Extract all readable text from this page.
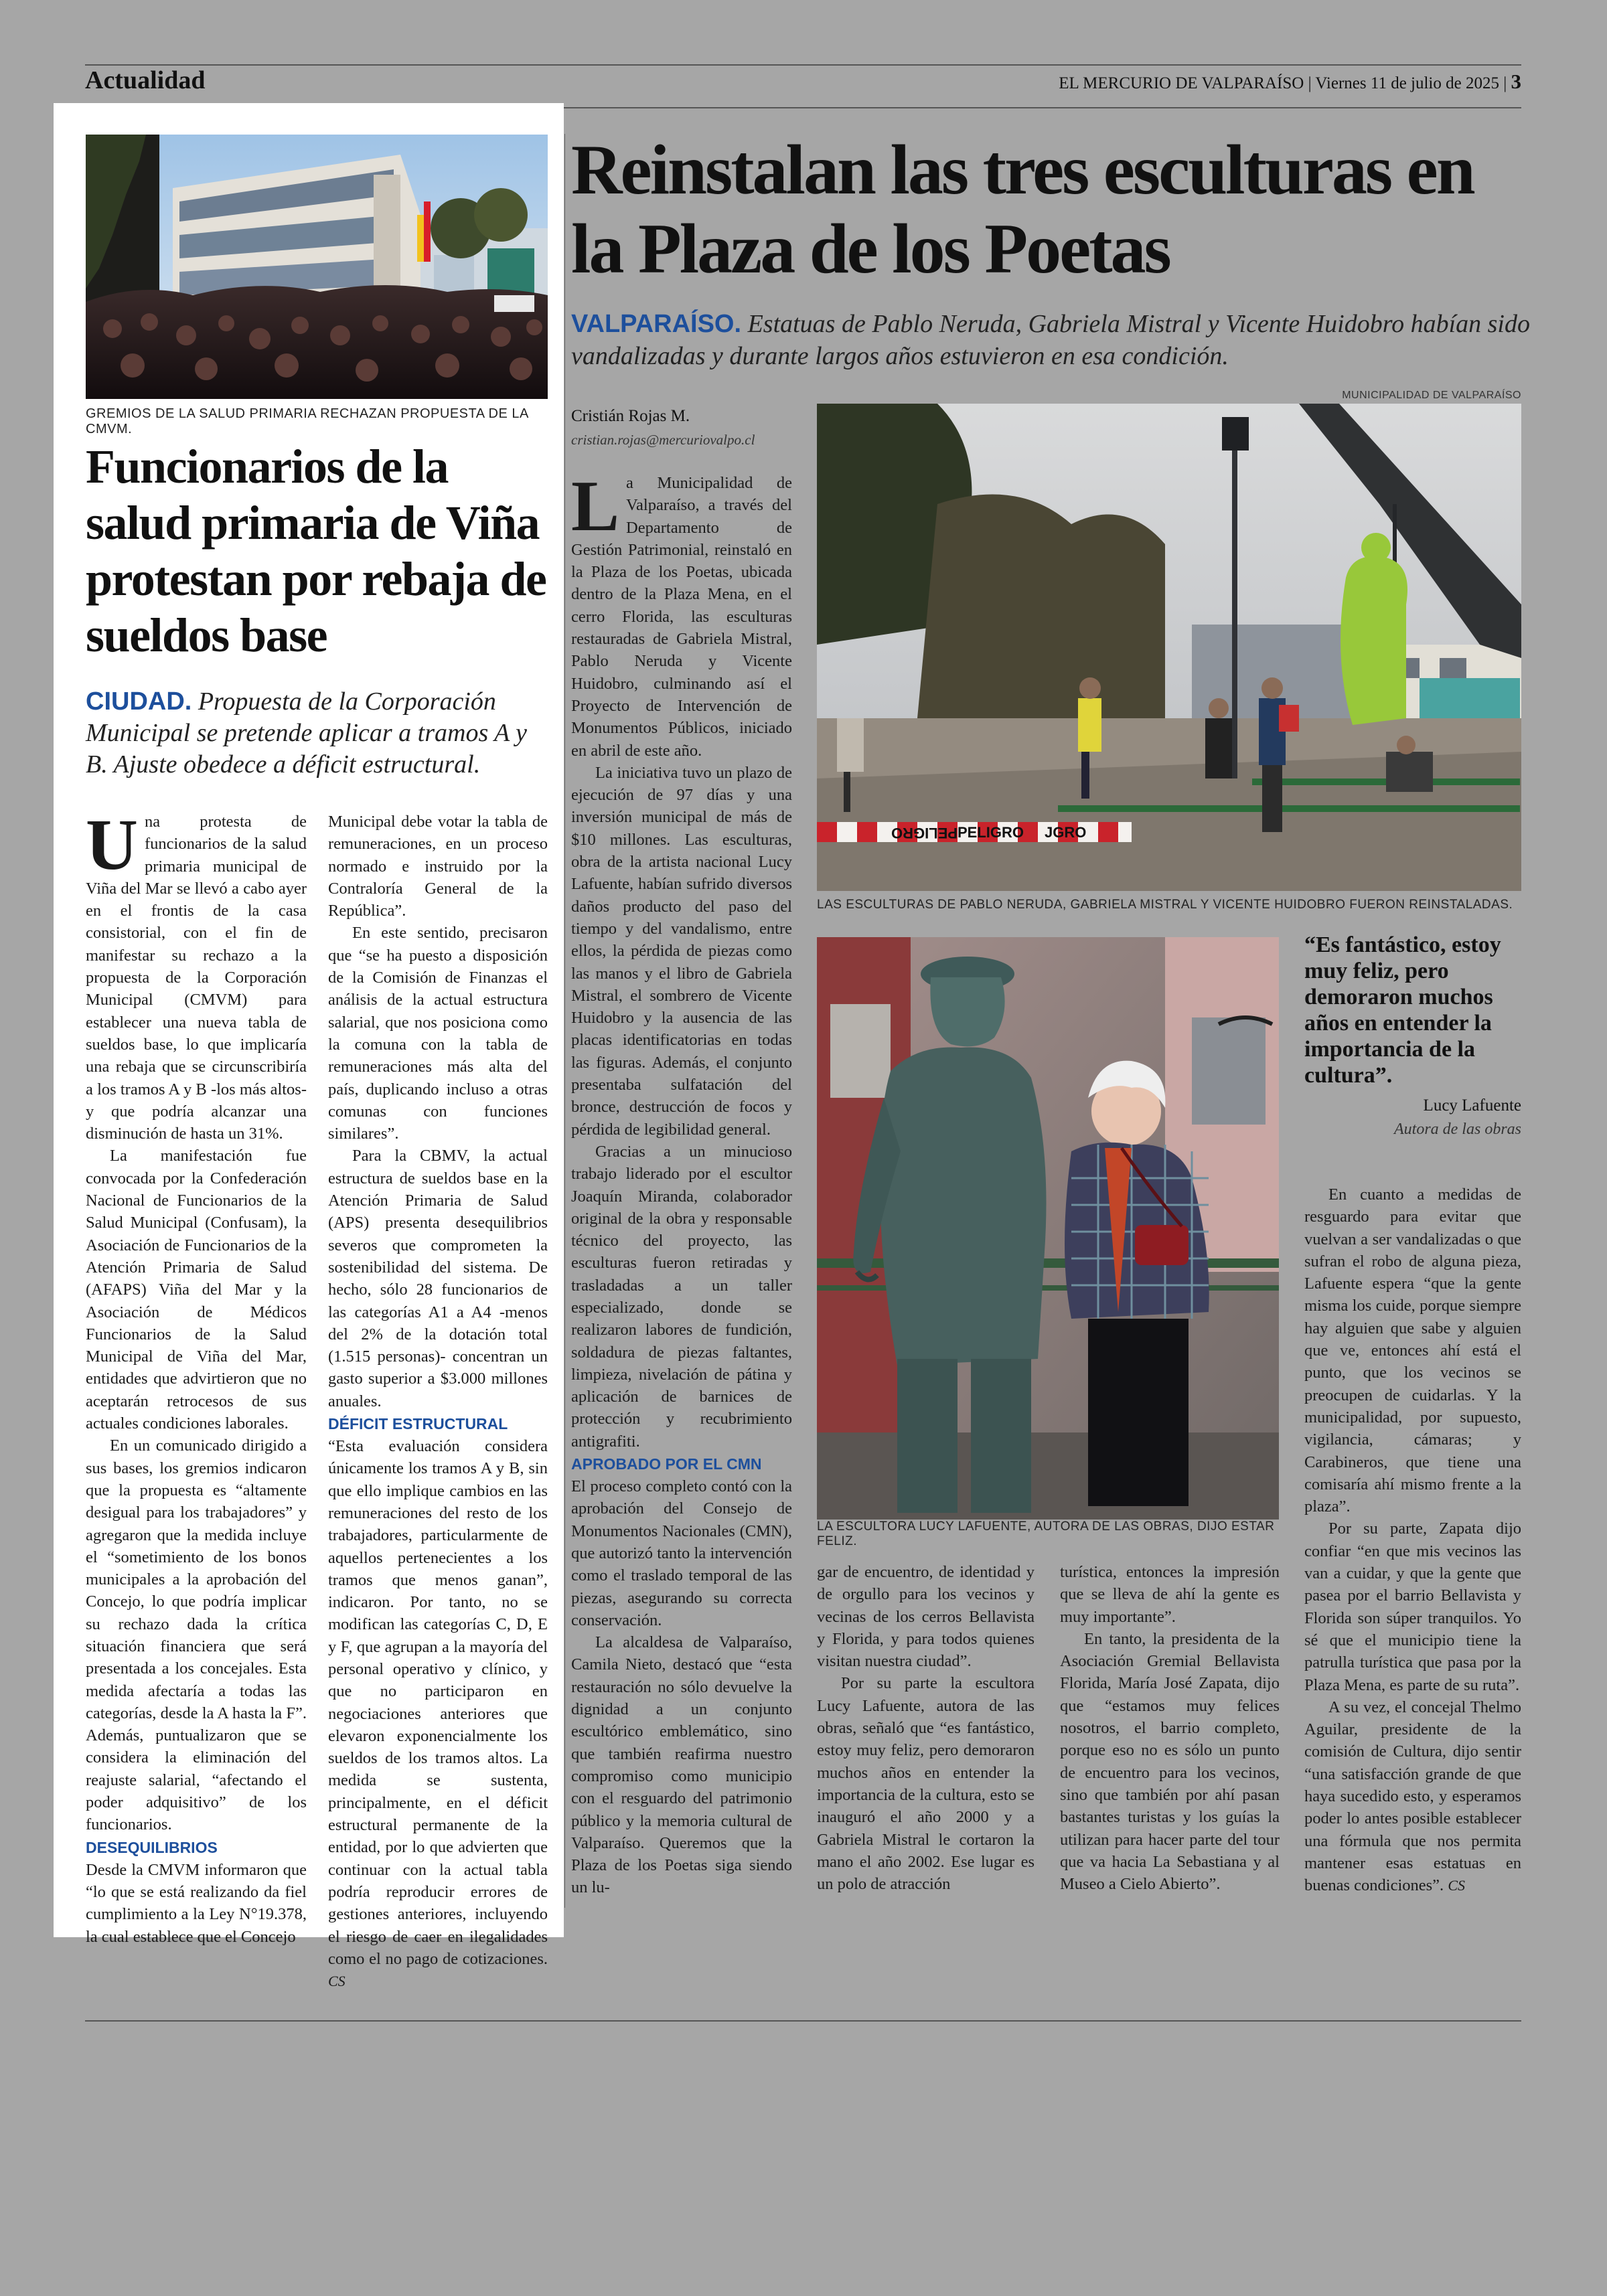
Actualidad	EL MERCURIO DE VALPARAÍSO | Viernes 11 de julio de 2025 | 3
GREMIOS DE LA SALUD PRIMARIA RECHAZAN PROPUESTA DE LA CMVM.
Funcionarios de la salud primaria de Viña protestan por rebaja de sueldos base
CIUDAD. Propuesta de la Corporación Municipal se pretende aplicar a tramos A y B. Ajuste obedece a déficit estructural.

Una protesta de funcionarios de la salud primaria municipal de Viña del Mar se llevó a cabo ayer en el frontis de la casa consistorial, con el fin de manifestar su rechazo a la propuesta de la Corporación Municipal (CMVM) para establecer una nueva tabla de sueldos base, lo que implicaría una rebaja que se circunscribiría a los tramos A y B -los más altos- y que podría alcanzar una disminución de hasta un 31%.

La manifestación fue convocada por la Confederación Nacional de Funcionarios de la Salud Municipal (Confusam), la Asociación de Funcionarios de la Atención Primaria de Salud (AFAPS) Viña del Mar y la Asociación de Médicos Funcionarios de la Salud Municipal de Viña del Mar, entidades que advirtieron que no aceptarán retrocesos de sus actuales condiciones laborales.

En un comunicado dirigido a sus bases, los gremios indicaron que la propuesta es “altamente desigual para los trabajadores” y agregaron que la medida incluye el “sometimiento de los bonos municipales a la aprobación del Concejo, lo que podría implicar su rechazo dada la crítica situación financiera que será presentada a los concejales. Esta medida afectaría a todas las categorías, desde la A hasta la F”. Además, puntualizaron que se considera la eliminación del reajuste salarial, “afectando el poder adquisitivo” de los funcionarios.

DESEQUILIBRIOS

Desde la CMVM informaron que “lo que se está realizando da fiel cumplimiento a la Ley N°19.378, la cual establece que el Concejo

Municipal debe votar la tabla de remuneraciones, en un proceso normado e instruido por la Contraloría General de la República”.

En este sentido, precisaron que “se ha puesto a disposición de la Comisión de Finanzas el análisis de la actual estructura salarial, que nos posiciona como la comuna con la tabla de remuneraciones más alta del país, duplicando incluso a otras comunas con funciones similares”.

Para la CBMV, la actual estructura de sueldos base en la Atención Primaria de Salud (APS) presenta desequilibrios severos que comprometen la sostenibilidad del sistema. De hecho, sólo 28 funcionarios de las categorías A1 a A4 -menos del 2% de la dotación total (1.515 personas)- concentran un gasto superior a $3.000 millones anuales.

DÉFICIT ESTRUCTURAL

“Esta evaluación considera únicamente los tramos A y B, sin que ello implique cambios en las remuneraciones del resto de los trabajadores, particularmente de aquellos pertenecientes a los tramos que menos ganan”, indicaron. Por tanto, no se modifican las categorías C, D, E y F, que agrupan a la mayoría del personal operativo y clínico, y que no participaron en negociaciones anteriores que elevaron exponencialmente los sueldos de los tramos altos. La medida se sustenta, principalmente, en el déficit estructural permanente de la entidad, por lo que advierten que continuar con la actual tabla podría reproducir errores de gestiones anteriores, incluyendo el riesgo de caer en ilegalidades como el no pago de cotizaciones. CS

Reinstalan las tres esculturas en la Plaza de los Poetas
VALPARAÍSO. Estatuas de Pablo Neruda, Gabriela Mistral y Vicente Huidobro habían sido vandalizadas y durante largos años estuvieron en esa condición.
Cristián Rojas M.
cristian.rojas@mercuriovalpo.cl
MUNICIPALIDAD DE VALPARAÍSO
PELIGRO PELIGRO JGRO
LAS ESCULTURAS DE PABLO NERUDA, GABRIELA MISTRAL Y VICENTE HUIDOBRO FUERON REINSTALADAS.
LA ESCULTORA LUCY LAFUENTE, AUTORA DE LAS OBRAS, DIJO ESTAR FELIZ.

La Municipalidad de Valparaíso, a través del Departamento de Gestión Patrimonial, reinstaló en la Plaza de los Poetas, ubicada dentro de la Plaza Mena, en el cerro Florida, las esculturas restauradas de Gabriela Mistral, Pablo Neruda y Vicente Huidobro, culminando así el Proyecto de Intervención de Monumentos Públicos, iniciado en abril de este año.

La iniciativa tuvo un plazo de ejecución de 97 días y una inversión municipal de más de $10 millones. Las esculturas, obra de la artista nacional Lucy Lafuente, habían sufrido diversos daños producto del paso del tiempo y del vandalismo, entre ellos, la pérdida de piezas como las manos y el libro de Gabriela Mistral, el sombrero de Vicente Huidobro y la ausencia de las placas identificatorias en todas las figuras. Además, el conjunto presentaba sulfatación del bronce, destrucción de focos y pérdida de legibilidad general.

Gracias a un minucioso trabajo liderado por el escultor Joaquín Miranda, colaborador original de la obra y responsable técnico del proyecto, las esculturas fueron retiradas y trasladadas a un taller especializado, donde se realizaron labores de fundición, soldadura de piezas faltantes, limpieza, nivelación de pátina y aplicación de barnices de protección y recubrimiento antigrafiti.

APROBADO POR EL CMN

El proceso completo contó con la aprobación del Consejo de Monumentos Nacionales (CMN), que autorizó tanto la intervención como el traslado temporal de las piezas, asegurando su correcta conservación.

La alcaldesa de Valparaíso, Camila Nieto, destacó que “esta restauración no sólo devuelve la dignidad a un conjunto escultórico emblemático, sino que también reafirma nuestro compromiso como municipio con el resguardo del patrimonio público y la memoria cultural de Valparaíso. Queremos que la Plaza de los Poetas siga siendo un lu-

gar de encuentro, de identidad y de orgullo para los vecinos y vecinas de los cerros Bellavista y Florida, y para todos quienes visitan nuestra ciudad”.

Por su parte la escultora Lucy Lafuente, autora de las obras, señaló que “es fantástico, estoy muy feliz, pero demoraron muchos años en entender la importancia de la cultura, esto se inauguró el año 2000 y a Gabriela Mistral le cortaron la mano el año 2002. Ese lugar es un polo de atracción

turística, entonces la impresión que se lleva de ahí la gente es muy importante”.

En tanto, la presidenta de la Asociación Gremial Bellavista Florida, María José Zapata, dijo que “estamos muy felices nosotros, el barrio completo, porque eso no es sólo un punto de encuentro para los vecinos, sino que también por ahí pasan bastantes turistas y los guías la utilizan para hacer parte del tour que va hacia La Sebastiana y al Museo a Cielo Abierto”.

“Es fantástico, estoy muy feliz, pero demoraron muchos años en entender la importancia de la cultura”.
Lucy Lafuente
Autora de las obras

En cuanto a medidas de resguardo para evitar que vuelvan a ser vandalizadas o que sufran el robo de alguna pieza, Lafuente espera “que la gente misma los cuide, porque siempre hay alguien que sabe y alguien que ve, entonces ahí está el punto, que los vecinos se preocupen de cuidarlas. Y la municipalidad, por supuesto, vigilancia, cámaras; y Carabineros, que tiene una comisaría ahí mismo frente a la plaza”.

Por su parte, Zapata dijo confiar “en que mis vecinos las van a cuidar, y que la gente que pasea por el barrio Bellavista y Florida son súper tranquilos. Yo sé que el municipio tiene la patrulla turística que pasa por la Plaza Mena, es parte de su ruta”.

A su vez, el concejal Thelmo Aguilar, presidente de la comisión de Cultura, dijo sentir “una satisfacción grande de que haya sucedido esto, y esperamos poder lo antes posible establecer una fórmula que nos permita mantener esas estatuas en buenas condiciones”. CS
